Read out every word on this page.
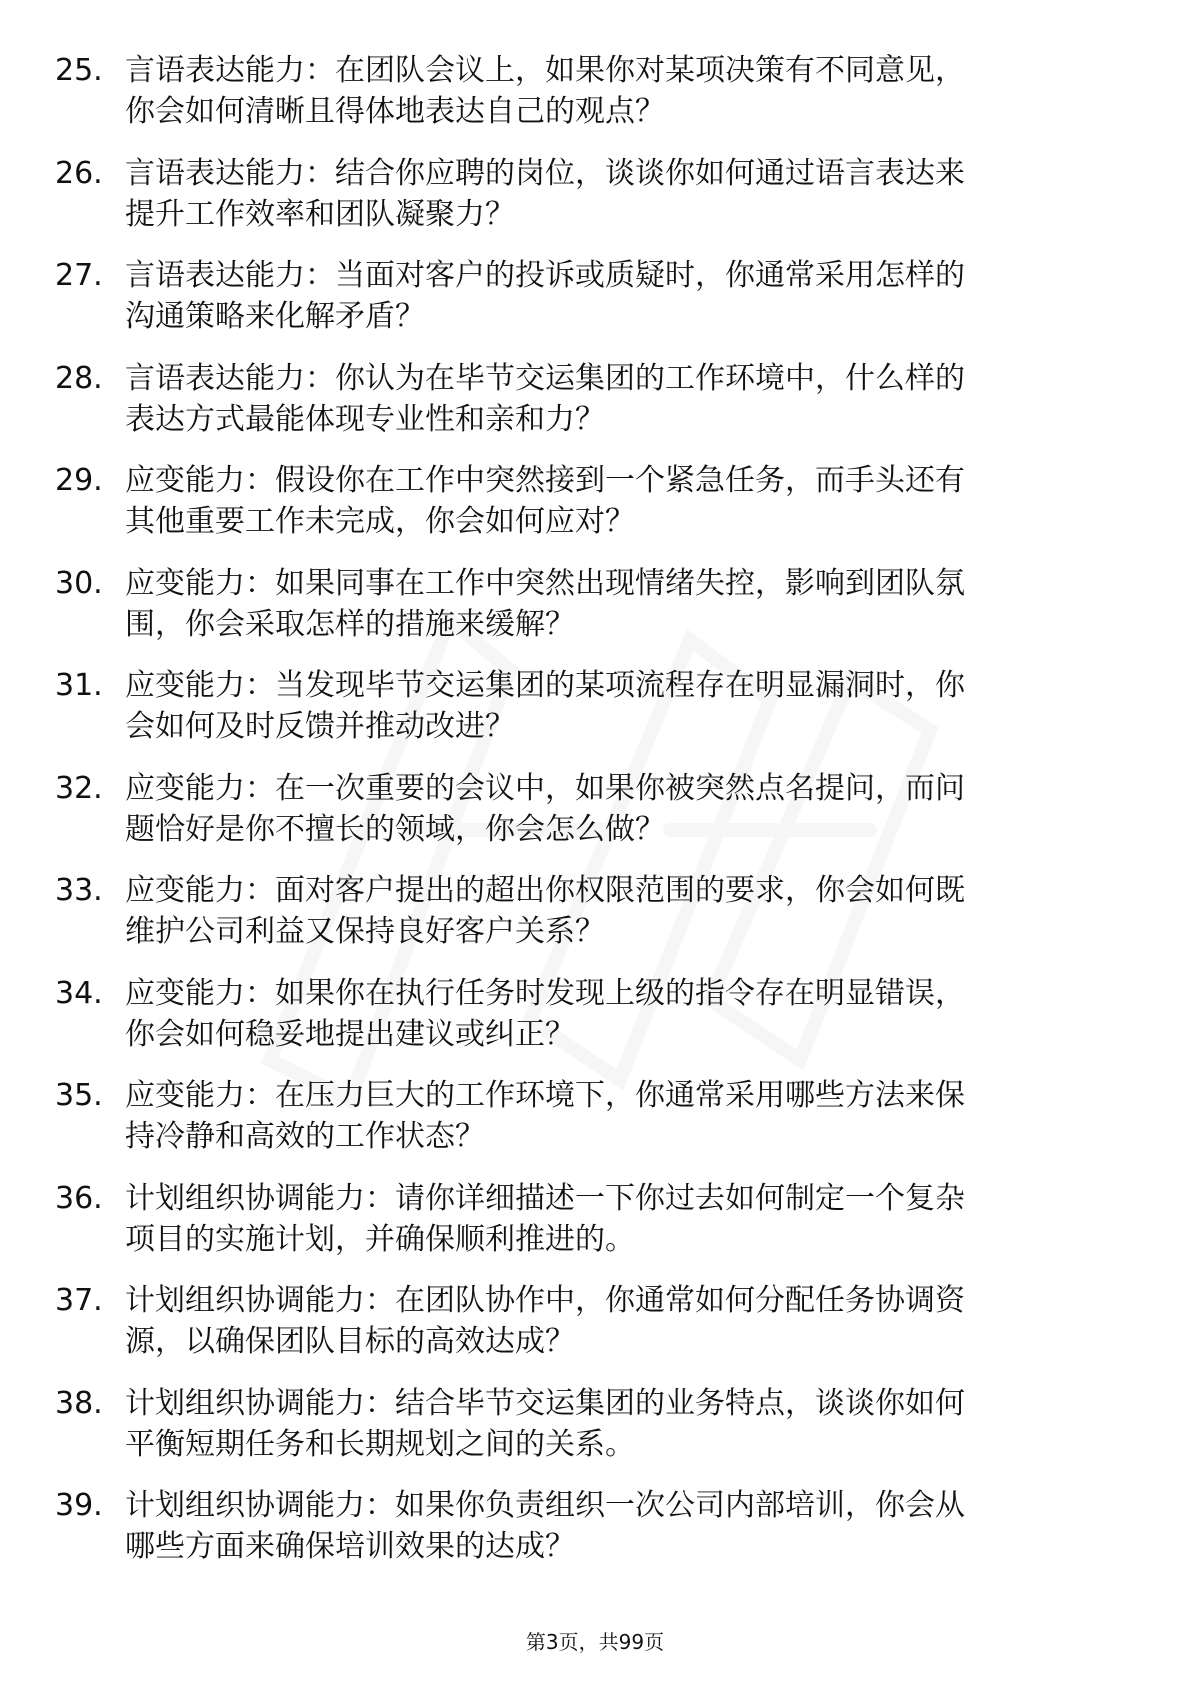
25. 言语表达能力：在团队会议上，如果你对某项决策有不同意见，
你会如何清晰且得体地表达自己的观点？
26. 言语表达能力：结合你应聘的岗位，谈谈你如何通过语言表达来
提升工作效率和团队凝聚力？
27. 言语表达能力：当面对客户的投诉或质疑时，你通常采用怎样的
沟通策略来化解矛盾？
28. 言语表达能力：你认为在毕节交运集团的工作环境中，什么样的
表达方式最能体现专业性和亲和力？
29. 应变能力：假设你在工作中突然接到一个紧急任务，而手头还有
其他重要工作未完成，你会如何应对？
30. 应变能力：如果同事在工作中突然出现情绪失控，影响到团队氛
围，你会采取怎样的措施来缓解？
31. 应变能力：当发现毕节交运集团的某项流程存在明显漏洞时，你
会如何及时反馈并推动改进？
32. 应变能力：在一次重要的会议中，如果你被突然点名提问，而问
题恰好是你不擅长的领域，你会怎么做？
33. 应变能力：面对客户提出的超出你权限范围的要求，你会如何既
维护公司利益又保持良好客户关系？
34. 应变能力：如果你在执行任务时发现上级的指令存在明显错误，
你会如何稳妥地提出建议或纠正？
35. 应变能力：在压力巨大的工作环境下，你通常采用哪些方法来保
持冷静和高效的工作状态？
36. 计划组织协调能力：请你详细描述一下你过去如何制定一个复杂
项目的实施计划，并确保顺利推进的。
37. 计划组织协调能力：在团队协作中，你通常如何分配任务协调资
源，以确保团队目标的高效达成？
38. 计划组织协调能力：结合毕节交运集团的业务特点，谈谈你如何
平衡短期任务和长期规划之间的关系。
39. 计划组织协调能力：如果你负责组织一次公司内部培训，你会从
哪些方面来确保培训效果的达成？
第3页，共99页
